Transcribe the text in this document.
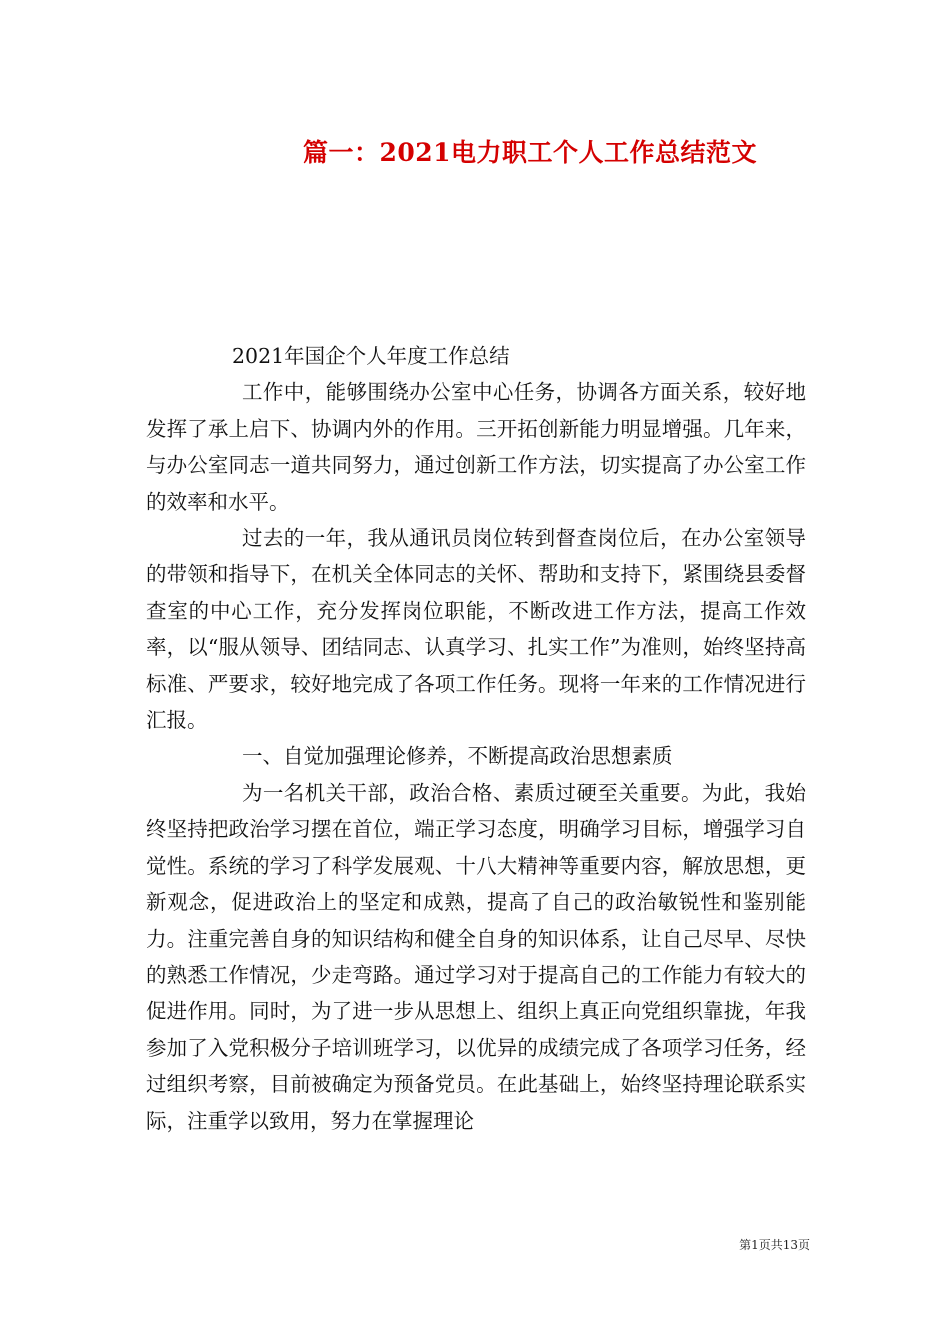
篇一：2021电力职工个人工作总结范文

2021年国企个人年度工作总结

工作中，能够围绕办公室中心任务，协调各方面关系，较好地发挥了承上启下、协调内外的作用。三开拓创新能力明显增强。几年来，与办公室同志一道共同努力，通过创新工作方法，切实提高了办公室工作的效率和水平。

过去的一年，我从通讯员岗位转到督查岗位后，在办公室领导的带领和指导下，在机关全体同志的关怀、帮助和支持下，紧围绕县委督查室的中心工作，充分发挥岗位职能，不断改进工作方法，提高工作效率，以“服从领导、团结同志、认真学习、扎实工作”为准则，始终坚持高标准、严要求，较好地完成了各项工作任务。现将一年来的工作情况进行汇报。

一、自觉加强理论修养，不断提高政治思想素质

为一名机关干部，政治合格、素质过硬至关重要。为此，我始终坚持把政治学习摆在首位，端正学习态度，明确学习目标，增强学习自觉性。系统的学习了科学发展观、十八大精神等重要内容，解放思想，更新观念，促进政治上的坚定和成熟，提高了自己的政治敏锐性和鉴别能力。注重完善自身的知识结构和健全自身的知识体系，让自己尽早、尽快的熟悉工作情况，少走弯路。通过学习对于提高自己的工作能力有较大的促进作用。同时，为了进一步从思想上、组织上真正向党组织靠拢，年我参加了入党积极分子培训班学习，以优异的成绩完成了各项学习任务，经过组织考察，目前被确定为预备党员。在此基础上，始终坚持理论联系实际，注重学以致用，努力在掌握理论

第1页共13页
